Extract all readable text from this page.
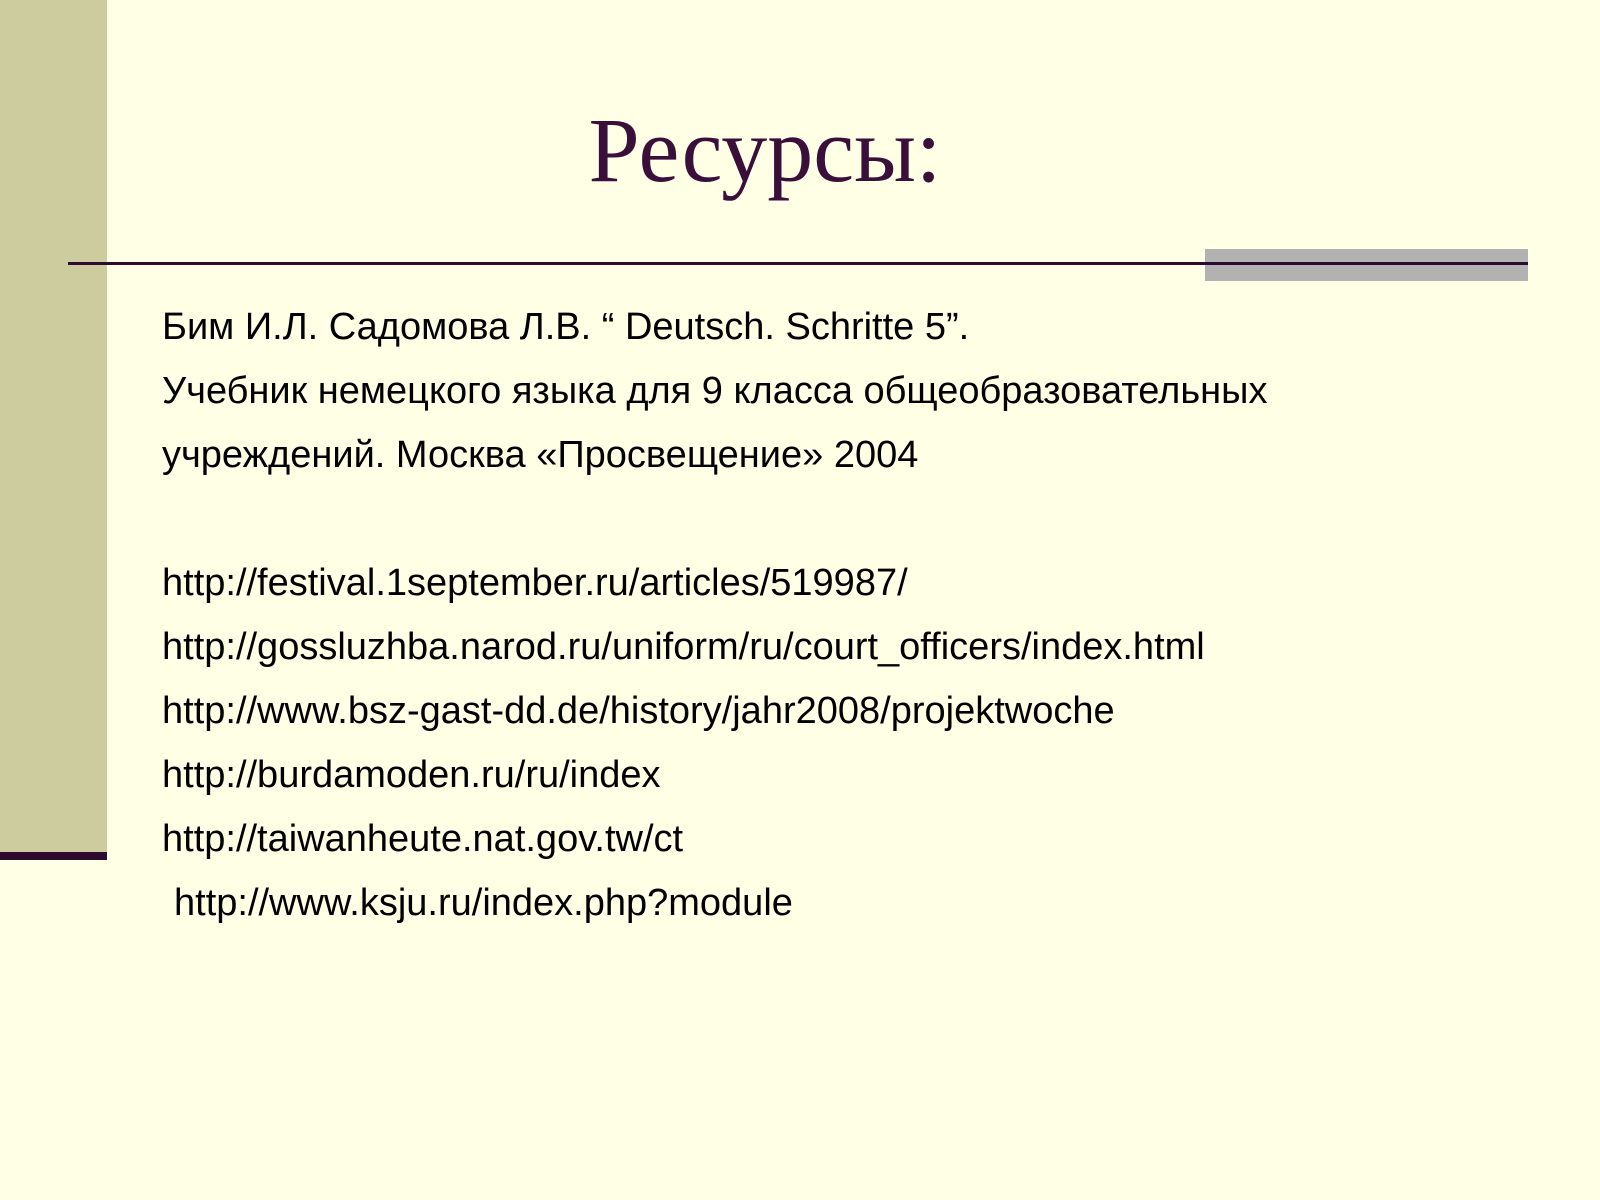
Ресурсы:
Бим И.Л. Садомова Л.В. “ Deutsch. Schritte 5”.
Учебник немецкого языка для 9 класса общеобразовательных
учреждений. Москва «Просвещение» 2004
http://festival.1september.ru/articles/519987/
http://gossluzhba.narod.ru/uniform/ru/court_officers/index.html
http://www.bsz-gast-dd.de/history/jahr2008/projektwoche
http://burdamoden.ru/ru/index
http://taiwanheute.nat.gov.tw/ct
http://www.ksju.ru/index.php?module
